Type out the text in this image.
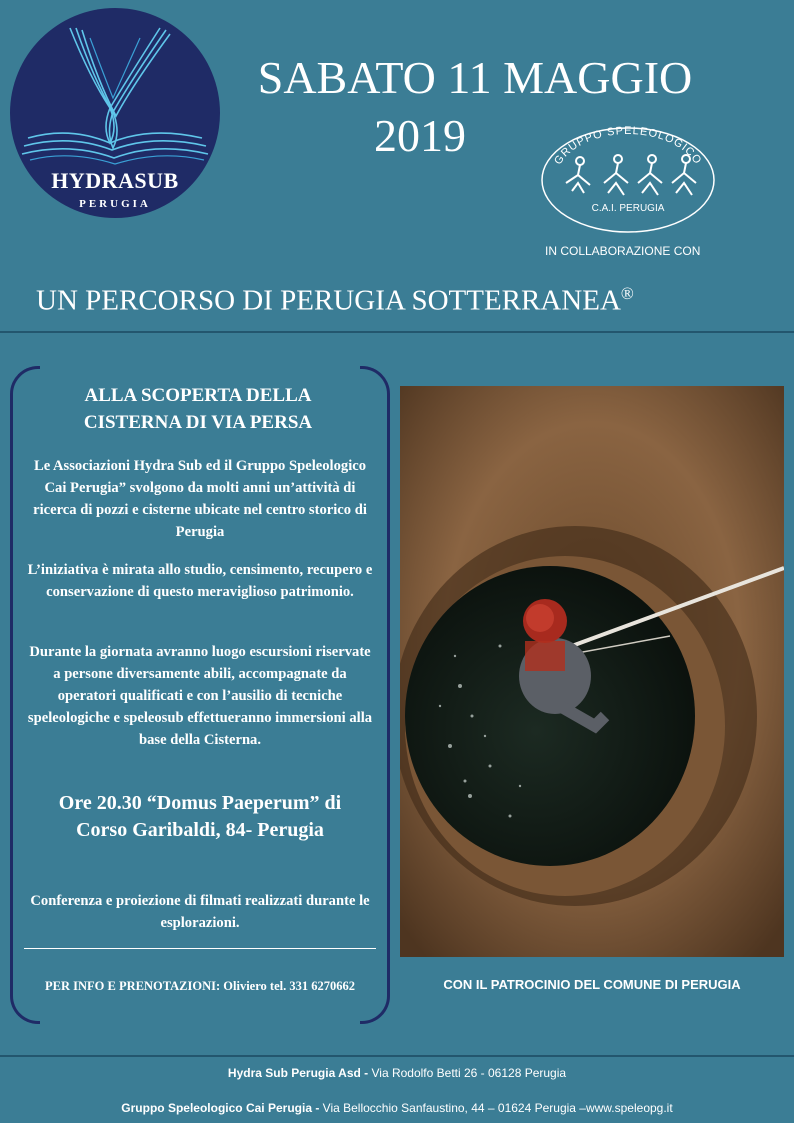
HYDRASUB
PERUGIA
SABATO 11 MAGGIO
2019	GRUPPO SPELEOLOGICO
C.A.I. PERUGIA
IN COLLABORAZIONE CON
UN PERCORSO DI PERUGIA SOTTERRANEA®
ALLA SCOPERTA DELLA
CISTERNA DI VIA PERSA
Le Associazioni Hydra Sub ed il Gruppo Speleologico Cai Perugia” svolgono da molti anni un’attività di ricerca di pozzi e cisterne ubicate nel centro storico di Perugia
L’iniziativa è mirata allo studio, censimento, recupero e conservazione di questo meraviglioso patrimonio.
Durante la giornata avranno luogo escursioni riservate a persone diversamente abili, accompagnate da operatori qualificati e con l’ausilio di tecniche speleologiche e speleosub effettueranno immersioni alla base della Cisterna.
Ore 20.30 “Domus Paeperum” di
Corso Garibaldi, 84- Perugia
Conferenza e proiezione di filmati realizzati durante le esplorazioni.
PER INFO E PRENOTAZIONI: Oliviero tel. 331 6270662	CON IL PATROCINIO DEL COMUNE DI PERUGIA
Hydra Sub Perugia Asd - Via Rodolfo Betti 26 - 06128 Perugia
Gruppo Speleologico Cai Perugia - Via Bellocchio Sanfaustino, 44 – 01624 Perugia –www.speleopg.it
